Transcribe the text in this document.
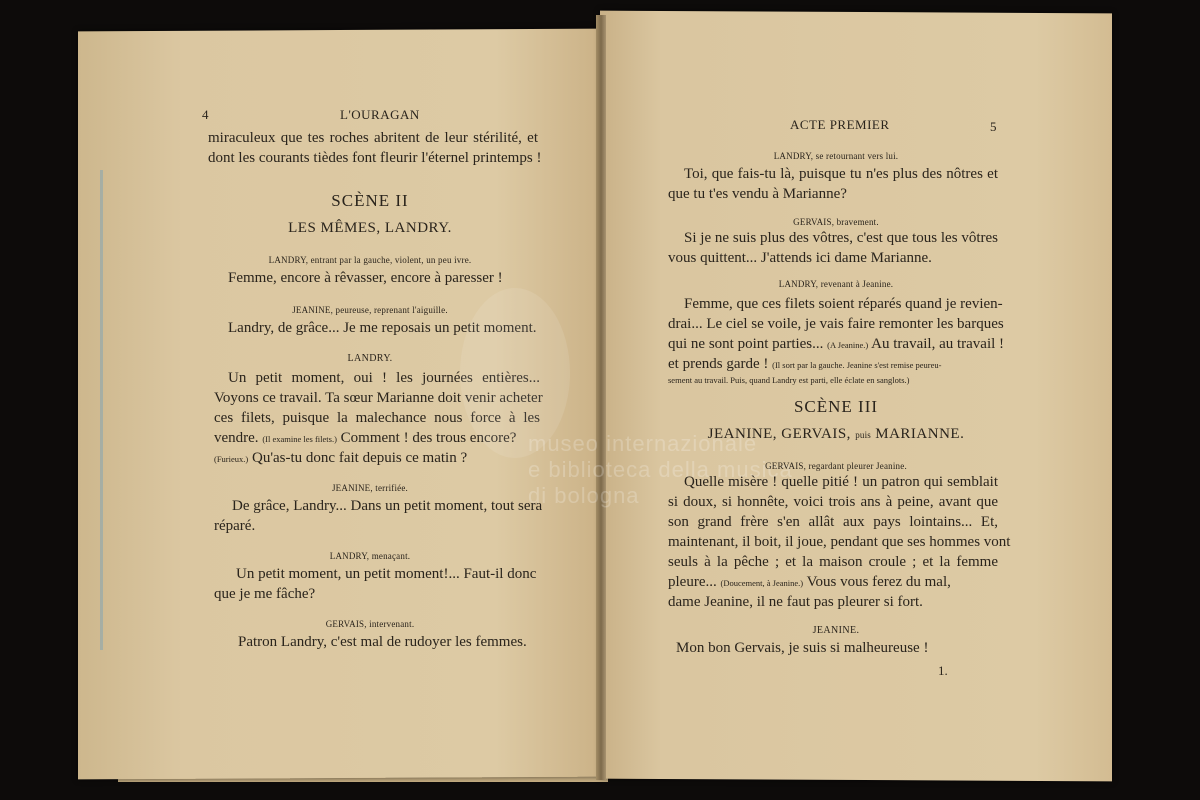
4	L'OURAGAN
miraculeux que tes roches abritent de leur stérilité, et
dont les courants tièdes font fleurir l'éternel printemps !
SCÈNE II
LES MÊMES, LANDRY.
LANDRY, entrant par la gauche, violent, un peu ivre.
Femme, encore à rêvasser, encore à paresser !
JEANINE, peureuse, reprenant l'aiguille.
Landry, de grâce... Je me reposais un petit moment.
LANDRY.
Un petit moment, oui ! les journées entières...
Voyons ce travail. Ta sœur Marianne doit venir acheter
ces filets, puisque la malechance nous force à les
vendre. (Il examine les filets.) Comment ! des trous encore?
(Furieux.) Qu'as-tu donc fait depuis ce matin ?
JEANINE, terrifiée.
De grâce, Landry... Dans un petit moment, tout sera
réparé.
LANDRY, menaçant.
Un petit moment, un petit moment!... Faut-il donc
que je me fâche?
GERVAIS, intervenant.
Patron Landry, c'est mal de rudoyer les femmes.
museo internazionale
e biblioteca della musica
di bologna
ACTE PREMIER	5
LANDRY, se retournant vers lui.
Toi, que fais-tu là, puisque tu n'es plus des nôtres et
que tu t'es vendu à Marianne?
GERVAIS, bravement.
Si je ne suis plus des vôtres, c'est que tous les vôtres
vous quittent... J'attends ici dame Marianne.
LANDRY, revenant à Jeanine.
Femme, que ces filets soient réparés quand je revien-
drai... Le ciel se voile, je vais faire remonter les barques
qui ne sont point parties... (A Jeanine.) Au travail, au travail !
et prends garde ! (Il sort par la gauche. Jeanine s'est remise peureu-
sement au travail. Puis, quand Landry est parti, elle éclate en sanglots.)
SCÈNE III
JEANINE, GERVAIS, puis MARIANNE.
GERVAIS, regardant pleurer Jeanine.
Quelle misère ! quelle pitié ! un patron qui semblait
si doux, si honnête, voici trois ans à peine, avant que
son grand frère s'en allât aux pays lointains... Et,
maintenant, il boit, il joue, pendant que ses hommes vont
seuls à la pêche ; et la maison croule ; et la femme
pleure... (Doucement, à Jeanine.) Vous vous ferez du mal,
dame Jeanine, il ne faut pas pleurer si fort.
JEANINE.
Mon bon Gervais, je suis si malheureuse !
1.
